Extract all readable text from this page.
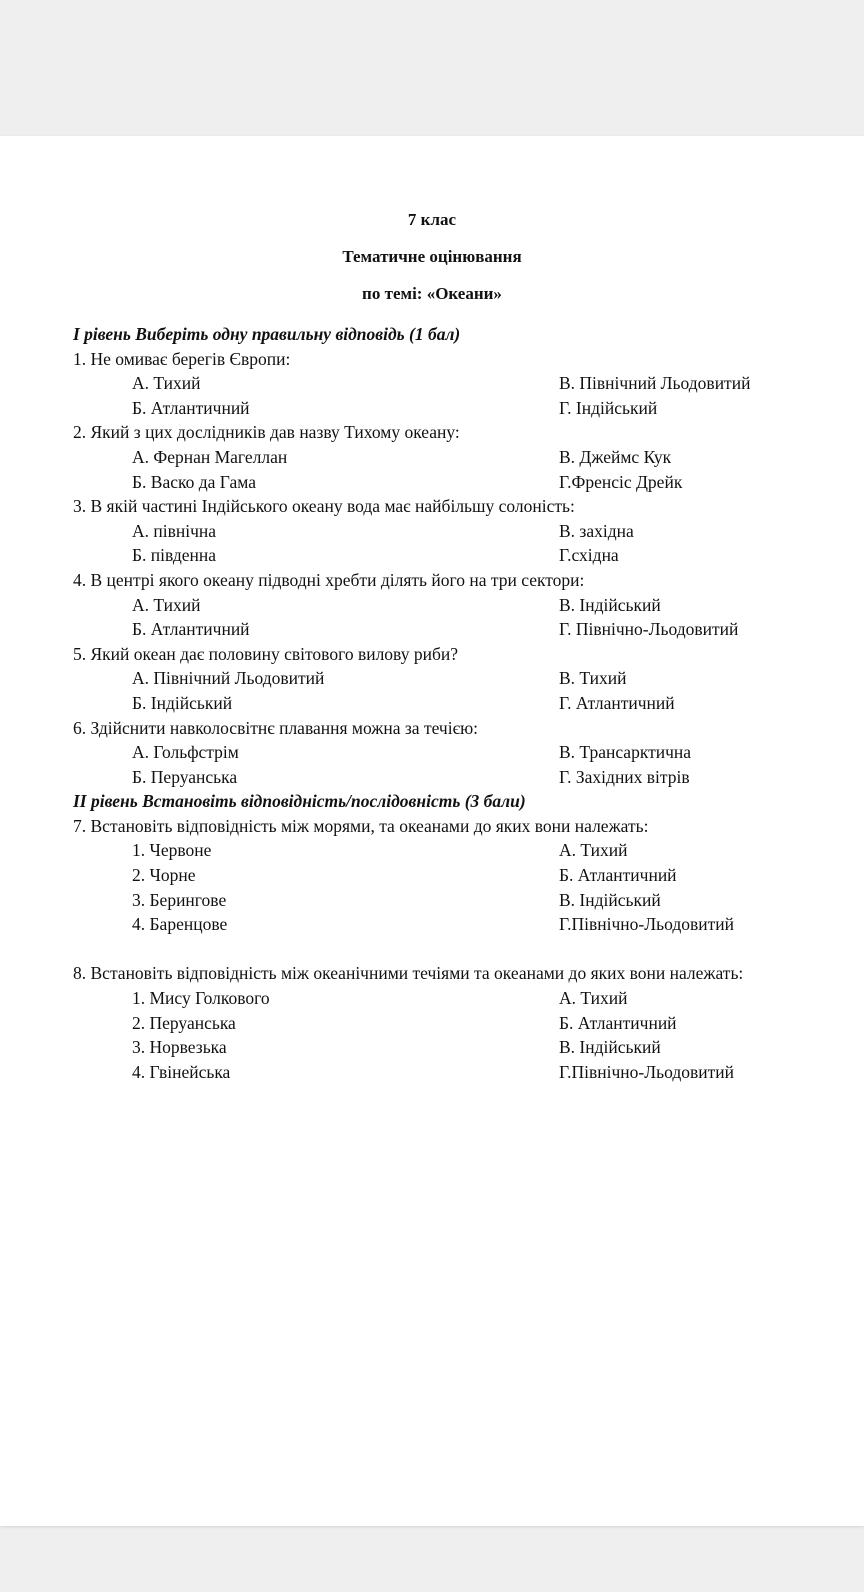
7 клас
Тематичне оцінювання
по темі: «Океани»
І рівень Виберіть одну правильну відповідь (1 бал)
1. Не омиває берегів Європи:
А. Тихий	В. Північний Льодовитий
Б. Атлантичний	Г. Індійський
2. Який з цих дослідників дав назву Тихому океану:
А. Фернан Магеллан	В. Джеймс Кук
Б. Васко да Гама	Г.Френсіс Дрейк
3. В якій частині Індійського океану вода має найбільшу солоність:
А. північна	В. західна
Б. південна	Г.східна
4. В центрі якого океану підводні хребти ділять його на три сектори:
А. Тихий	В. Індійський
Б. Атлантичний	Г. Північно-Льодовитий
5. Який океан дає половину світового вилову риби?
А. Північний Льодовитий	В. Тихий
Б. Індійський	Г. Атлантичний
6. Здійснити навколосвітнє плавання можна за течією:
А. Гольфстрім	В. Трансарктична
Б. Перуанська	Г. Західних вітрів
ІІ рівень Встановіть відповідність/послідовність (3 бали)
7. Встановіть відповідність між морями, та океанами до яких вони належать:
1. Червоне	А. Тихий
2. Чорне	Б. Атлантичний
3. Берингове	В. Індійський
4. Баренцове	Г.Північно-Льодовитий
8. Встановіть відповідність між океанічними течіями та океанами до яких вони належать:
1. Мису Голкового	А. Тихий
2. Перуанська	Б. Атлантичний
3. Норвезька	В. Індійський
4. Гвінейська	Г.Північно-Льодовитий
